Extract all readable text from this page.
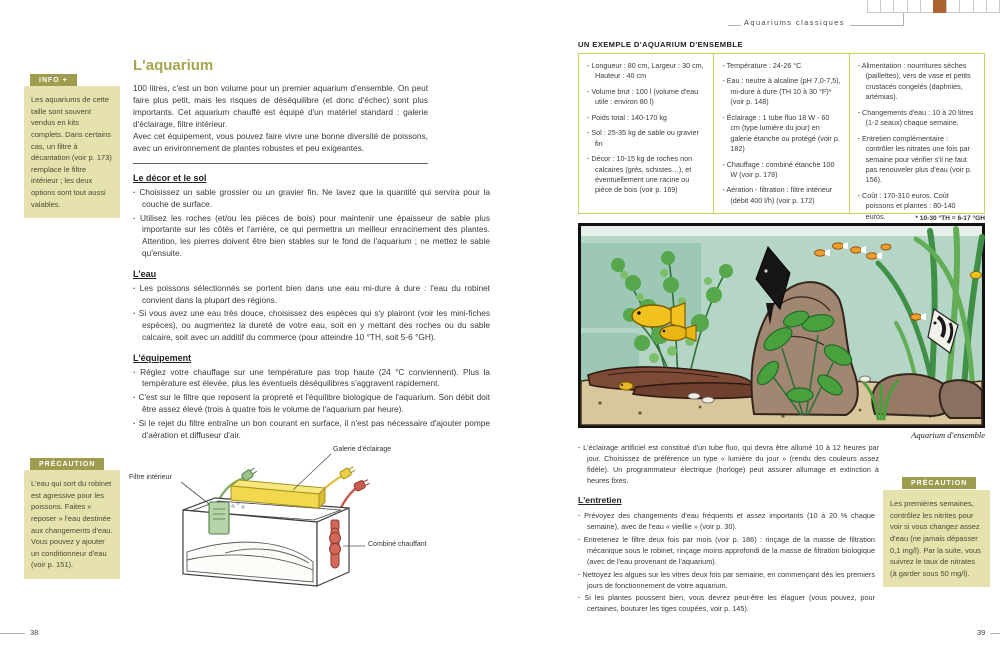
Aquariums classiques
INFO +
Les aquariums de cette taille sont souvent vendus en kits complets. Dans certains cas, un filtre à décantation (voir p. 173) remplace le filtre intérieur ; les deux options sont tout aussi valables.
PRÉCAUTION
L'eau qui sort du robinet est agressive pour les poissons. Faites « reposer » l'eau destinée aux changements d'eau. Vous pouvez y ajouter un conditionneur d'eau (voir p. 151).
L'aquarium

100 litres, c'est un bon volume pour un premier aquarium d'ensemble. On peut faire plus petit, mais les risques de déséquilibre (et donc d'échec) sont plus importants. Cet aquarium chauffé est équipé d'un matériel standard : galerie d'éclairage, filtre intérieur.

Avec cet équipement, vous pouvez faire vivre une bonne diversité de poissons, avec un environnement de plantes robustes et peu exigeantes.

Le décor et le sol

· Choisissez un sable grossier ou un gravier fin. Ne lavez que la quantité qui servira pour la couche de surface.

· Utilisez les roches (et/ou les pièces de bois) pour maintenir une épaisseur de sable plus importante sur les côtés et l'arrière, ce qui permettra un meilleur enracinement des plantes. Attention, les pierres doivent être bien stables sur le fond de l'aquarium ; ne mettez le sable qu'ensuite.

L'eau

· Les poissons sélectionnés se portent bien dans une eau mi-dure à dure : l'eau du robinet convient dans la plupart des régions.

· Si vous avez une eau très douce, choisissez des espèces qui s'y plairont (voir les mini-fiches espèces), ou augmentez la dureté de votre eau, soit en y mettant des roches ou du sable calcaire, soit avec un additif du commerce (pour atteindre 10 °TH, soit 5-6 °GH).

L'équipement

· Réglez votre chauffage sur une température pas trop haute (24 °C conviennent). Plus la température est élevée, plus les éventuels déséquilibres s'aggravent rapidement.

· C'est sur le filtre que reposent la propreté et l'équilibre biologique de l'aquarium. Son débit doit être assez élevé (trois à quatre fois le volume de l'aquarium par heure).

· Si le rejet du filtre entraîne un bon courant en surface, il n'est pas nécessaire d'ajouter pompe d'aération et diffuseur d'air.

Galerie d'éclairage
Filtre intérieur
Combiné chauffant
38
UN EXEMPLE D'AQUARIUM D'ENSEMBLE

- Longueur : 80 cm, Largeur : 30 cm, Hauteur : 40 cm

- Volume brut : 100 l (volume d'eau utile : environ 80 l)

- Poids total : 140-170 kg

- Sol : 25-35 kg de sable ou gravier fin

- Décor : 10-15 kg de roches non calcaires (grès, schistes…), et éventuellement une racine ou pièce de bois (voir p. 169)

- Température : 24-26 °C

- Eau : neutre à alcaline (pH 7,0-7,5), mi-dure à dure (TH 10 à 30 °F)* (voir p. 148)

- Éclairage : 1 tube fluo 18 W - 60 cm (type lumière du jour) en galerie étanche ou protégé (voir p. 182)

- Chauffage : combiné étanche 100 W (voir p. 178)

- Aération - filtration : filtre intérieur (débit 400 l/h) (voir p. 172)

- Alimentation : nourritures sèches (paillettes), vers de vase et petits crustacés congelés (daphnies, artémias).

- Changements d'eau : 10 à 20 litres (1-2 seaux) chaque semaine.

- Entretien complémentaire : contrôler les nitrates une fois par semaine pour vérifier s'il ne faut pas renouveler plus d'eau (voir p. 156).

- Coût : 170-310 euros. Coût poissons et plantes : 80-140 euros.	* 10-30 °TH = 6-17 °GH
Aquarium d'ensemble

· L'éclairage artificiel est constitué d'un tube fluo, qui devra être allumé 10 à 12 heures par jour. Choisissez de préférence un type « lumière du jour » (rendu des couleurs assez fidèle). Un programmateur électrique (horloge) peut assurer allumage et extinction à heures fixes.

L'entretien

· Prévoyez des changements d'eau fréquents et assez importants (10 à 20 % chaque semaine), avec de l'eau « vieillie » (voir p. 30).

· Entretenez le filtre deux fois par mois (voir p. 186) : rinçage de la masse de filtration mécanique sous le robinet, rinçage moins approfondi de la masse de filtration biologique (avec de l'eau provenant de l'aquarium).

· Nettoyez les algues sur les vitres deux fois par semaine, en commençant dès les premiers jours de fonctionnement de votre aquarium.

· Si les plantes poussent bien, vous devrez peut-être les élaguer (vous pouvez, pour certaines, bouturer les tiges coupées, voir p. 145).

PRÉCAUTION
Les premières semaines, contrôlez les nitrites pour voir si vous changez assez d'eau (ne jamais dépasser 0,1 mg/l). Par la suite, vous suivrez le taux de nitrates (à garder sous 50 mg/l).
39
